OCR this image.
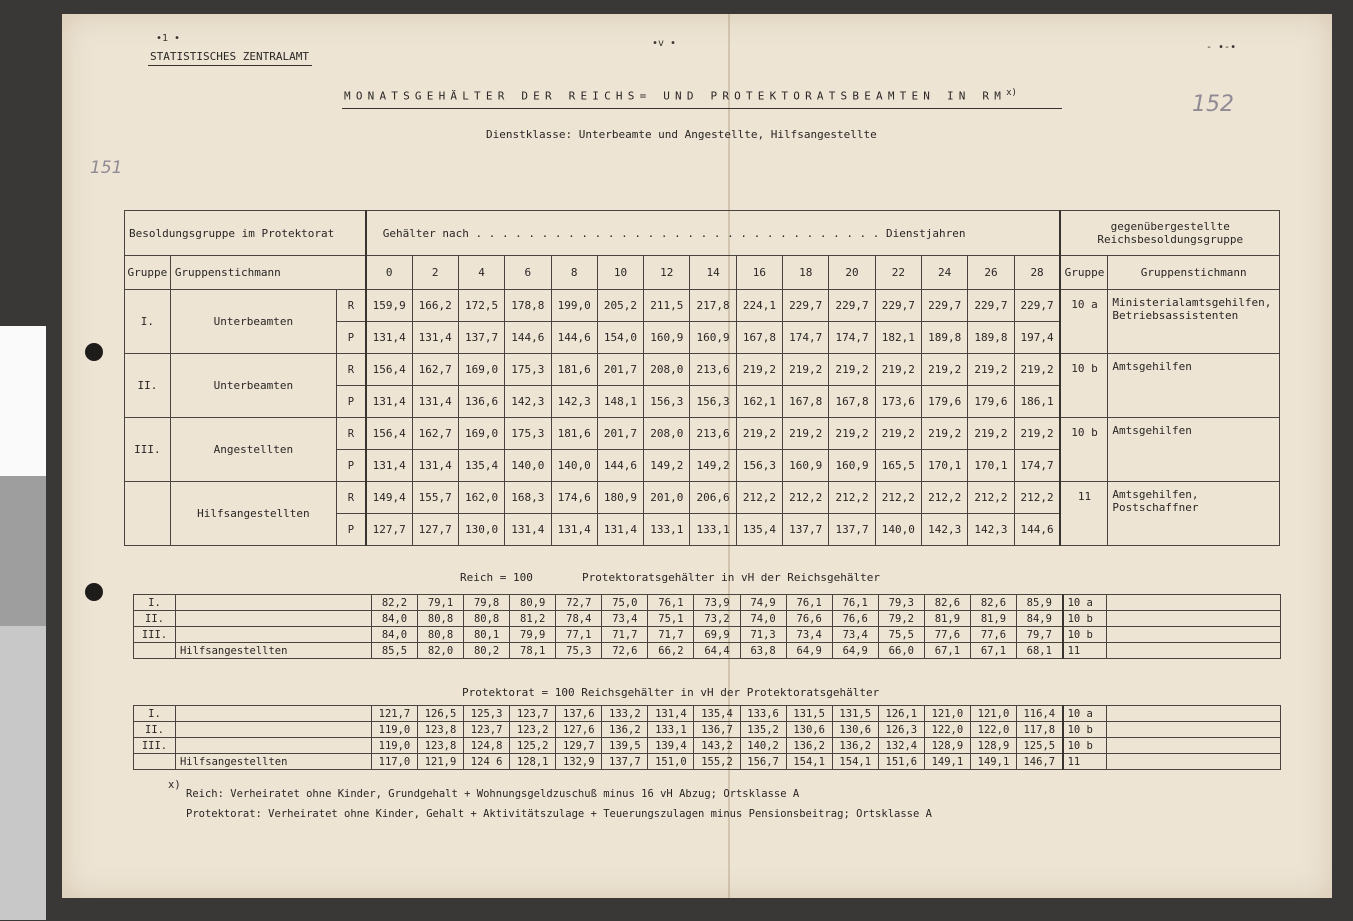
•1 •	•v •	- •-•
STATISTISCHES ZENTRALAMT
MONATSGEHÄLTER DER REICHS= UND PROTEKTORATSBEAMTEN IN RM$^{x)}$	152
151
Dienstklasse: Unterbeamte und Angestellte, Hilfsangestellte
Besoldungsgruppe im Protektorat			Gehälter nach . . . . . . . . . . . . . . . . . . . . . . . . . . . . . . . Dienstjahren															gegenübergestellte Reichsbesoldungsgruppe	
Gruppe	Gruppenstichmann		0	2	4	6	8	10	12	14	16	18	20	22	24	26	28	Gruppe	Gruppenstichmann
I.	Unterbeamten	R	159,9	166,2	172,5	178,8	199,0	205,2	211,5	217,8	224,1	229,7	229,7	229,7	229,7	229,7	229,7	10 a	Ministerialamtsgehilfen, Betriebsassistenten
		P	131,4	131,4	137,7	144,6	144,6	154,0	160,9	160,9	167,8	174,7	174,7	182,1	189,8	189,8	197,4		
II.	Unterbeamten	R	156,4	162,7	169,0	175,3	181,6	201,7	208,0	213,6	219,2	219,2	219,2	219,2	219,2	219,2	219,2	10 b	Amtsgehilfen
		P	131,4	131,4	136,6	142,3	142,3	148,1	156,3	156,3	162,1	167,8	167,8	173,6	179,6	179,6	186,1		
III.	Angestellten	R	156,4	162,7	169,0	175,3	181,6	201,7	208,0	213,6	219,2	219,2	219,2	219,2	219,2	219,2	219,2	10 b	Amtsgehilfen
		P	131,4	131,4	135,4	140,0	140,0	144,6	149,2	149,2	156,3	160,9	160,9	165,5	170,1	170,1	174,7		
	Hilfsangestellten	R	149,4	155,7	162,0	168,3	174,6	180,9	201,0	206,6	212,2	212,2	212,2	212,2	212,2	212,2	212,2	11	Amtsgehilfen, Postschaffner
		P	127,7	127,7	130,0	131,4	131,4	131,4	133,1	133,1	135,4	137,7	137,7	140,0	142,3	142,3	144,6		
Reich = 100	Protektoratsgehälter in vH der Reichsgehälter
I.		82,2	79,1	79,8	80,9	72,7	75,0	76,1	73,9	74,9	76,1	76,1	79,3	82,6	82,6	85,9	10 a	
II.		84,0	80,8	80,8	81,2	78,4	73,4	75,1	73,2	74,0	76,6	76,6	79,2	81,9	81,9	84,9	10 b	
III.		84,0	80,8	80,1	79,9	77,1	71,7	71,7	69,9	71,3	73,4	73,4	75,5	77,6	77,6	79,7	10 b	
	Hilfsangestellten	85,5	82,0	80,2	78,1	75,3	72,6	66,2	64,4	63,8	64,9	64,9	66,0	67,1	67,1	68,1	11	
Protektorat = 100 Reichsgehälter in vH der Protektoratsgehälter
I.		121,7	126,5	125,3	123,7	137,6	133,2	131,4	135,4	133,6	131,5	131,5	126,1	121,0	121,0	116,4	10 a	
II.		119,0	123,8	123,7	123,2	127,6	136,2	133,1	136,7	135,2	130,6	130,6	126,3	122,0	122,0	117,8	10 b	
III.		119,0	123,8	124,8	125,2	129,7	139,5	139,4	143,2	140,2	136,2	136,2	132,4	128,9	128,9	125,5	10 b	
	Hilfsangestellten	117,0	121,9	124 6	128,1	132,9	137,7	151,0	155,2	156,7	154,1	154,1	151,6	149,1	149,1	146,7	11	
x)
Reich: Verheiratet ohne Kinder, Grundgehalt + Wohnungsgeldzuschuß minus 16 vH Abzug; Ortsklasse A
Protektorat: Verheiratet ohne Kinder, Gehalt + Aktivitätszulage + Teuerungszulagen minus Pensionsbeitrag; Ortsklasse A
